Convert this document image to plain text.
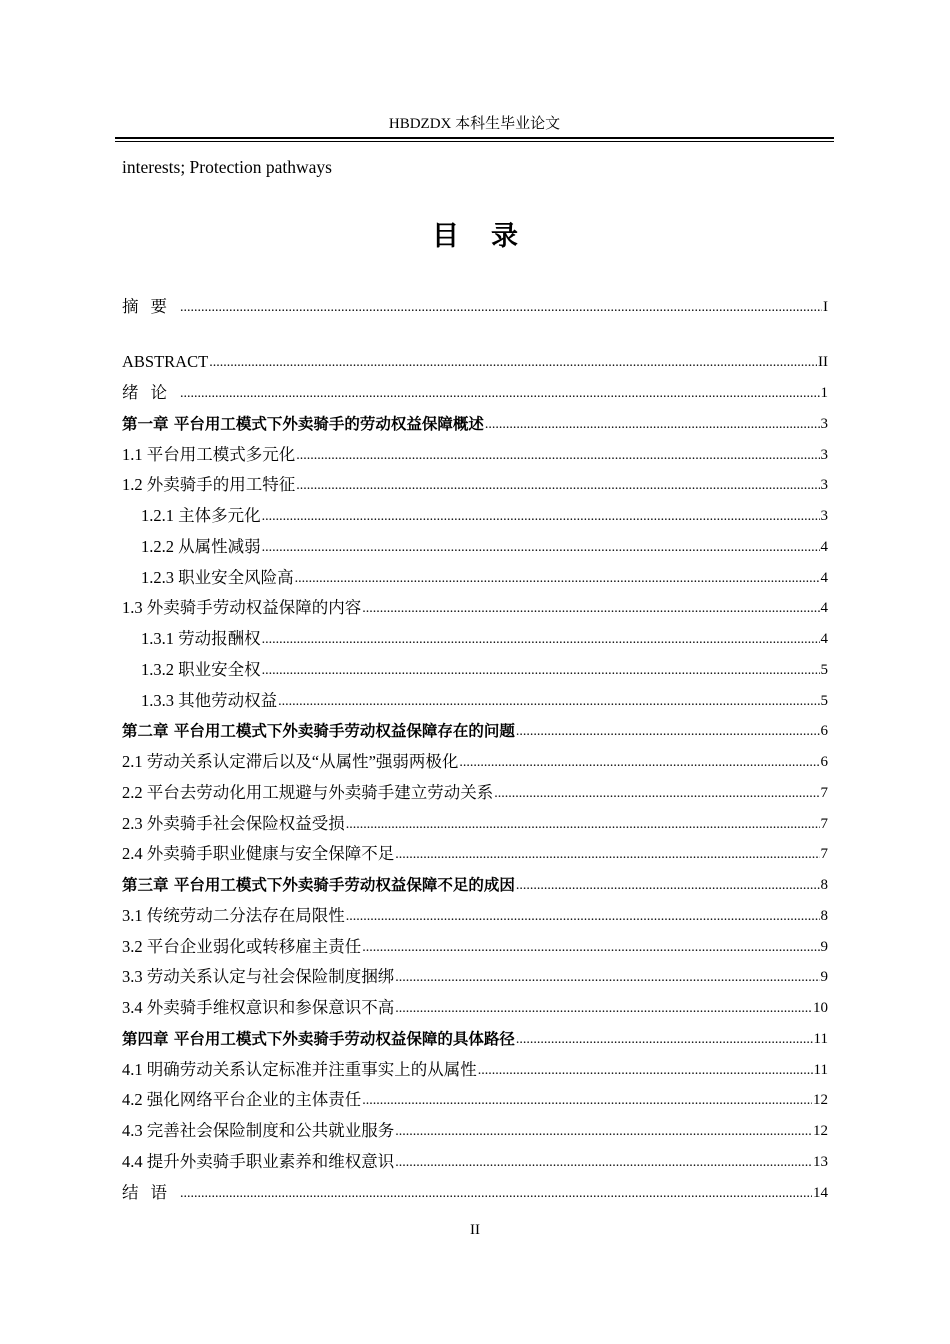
HBDZDX 本科生毕业论文
interests; Protection pathways
目录
摘要 .....	I
ABSTRACT .....	II
绪论 .....	1
第一章 平台用工模式下外卖骑手的劳动权益保障概述 .....	3
1.1 平台用工模式多元化 .....	3
1.2 外卖骑手的用工特征 .....	3
1.2.1 主体多元化 .....	3
1.2.2 从属性减弱 .....	4
1.2.3 职业安全风险高 .....	4
1.3 外卖骑手劳动权益保障的内容 .....	4
1.3.1 劳动报酬权 .....	4
1.3.2 职业安全权 .....	5
1.3.3 其他劳动权益 .....	5
第二章 平台用工模式下外卖骑手劳动权益保障存在的问题 .....	6
2.1 劳动关系认定滞后以及“从属性”强弱两极化 .....	6
2.2 平台去劳动化用工规避与外卖骑手建立劳动关系 .....	7
2.3 外卖骑手社会保险权益受损 .....	7
2.4 外卖骑手职业健康与安全保障不足 .....	7
第三章 平台用工模式下外卖骑手劳动权益保障不足的成因 .....	8
3.1 传统劳动二分法存在局限性 .....	8
3.2 平台企业弱化或转移雇主责任 .....	9
3.3 劳动关系认定与社会保险制度捆绑 .....	9
3.4 外卖骑手维权意识和参保意识不高 .....	10
第四章 平台用工模式下外卖骑手劳动权益保障的具体路径 .....	11
4.1 明确劳动关系认定标准并注重事实上的从属性 .....	11
4.2 强化网络平台企业的主体责任 .....	12
4.3 完善社会保险制度和公共就业服务 .....	12
4.4 提升外卖骑手职业素养和维权意识 .....	13
结语 .....	14
II
